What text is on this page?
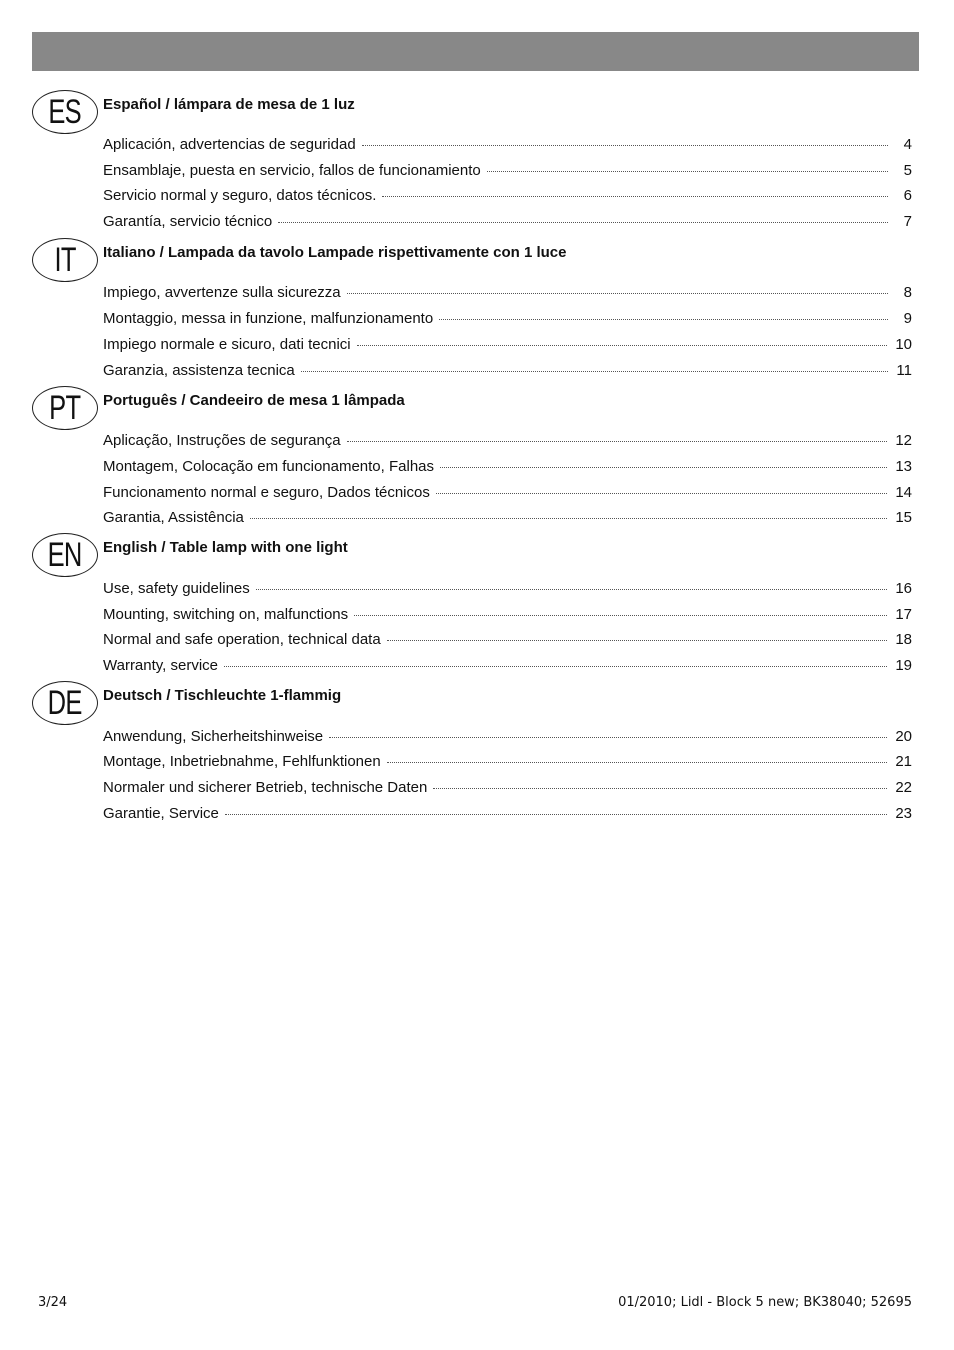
ES Español / lámpara de mesa de 1 luz
Aplicación, advertencias de seguridad	4
Ensamblaje, puesta en servicio, fallos de funcionamiento	5
Servicio normal y seguro, datos técnicos.	6
Garantía, servicio técnico	7
IT Italiano / Lampada da tavolo Lampade rispettivamente con 1 luce
Impiego, avvertenze sulla sicurezza	8
Montaggio, messa in funzione, malfunzionamento	9
Impiego normale e sicuro, dati tecnici	10
Garanzia, assistenza tecnica	11
PT Português / Candeeiro de mesa 1 lâmpada
Aplicação, Instruções de segurança	12
Montagem, Colocação em funcionamento, Falhas	13
Funcionamento normal e seguro, Dados técnicos	14
Garantia, Assistência	15
EN English / Table lamp with one light
Use, safety guidelines	16
Mounting, switching on, malfunctions	17
Normal and safe operation, technical data	18
Warranty, service	19
DE Deutsch / Tischleuchte 1-flammig
Anwendung, Sicherheitshinweise	20
Montage, Inbetriebnahme, Fehlfunktionen	21
Normaler und sicherer Betrieb, technische Daten	22
Garantie, Service	23
3/24	01/2010; Lidl - Block 5 new; BK38040; 52695
